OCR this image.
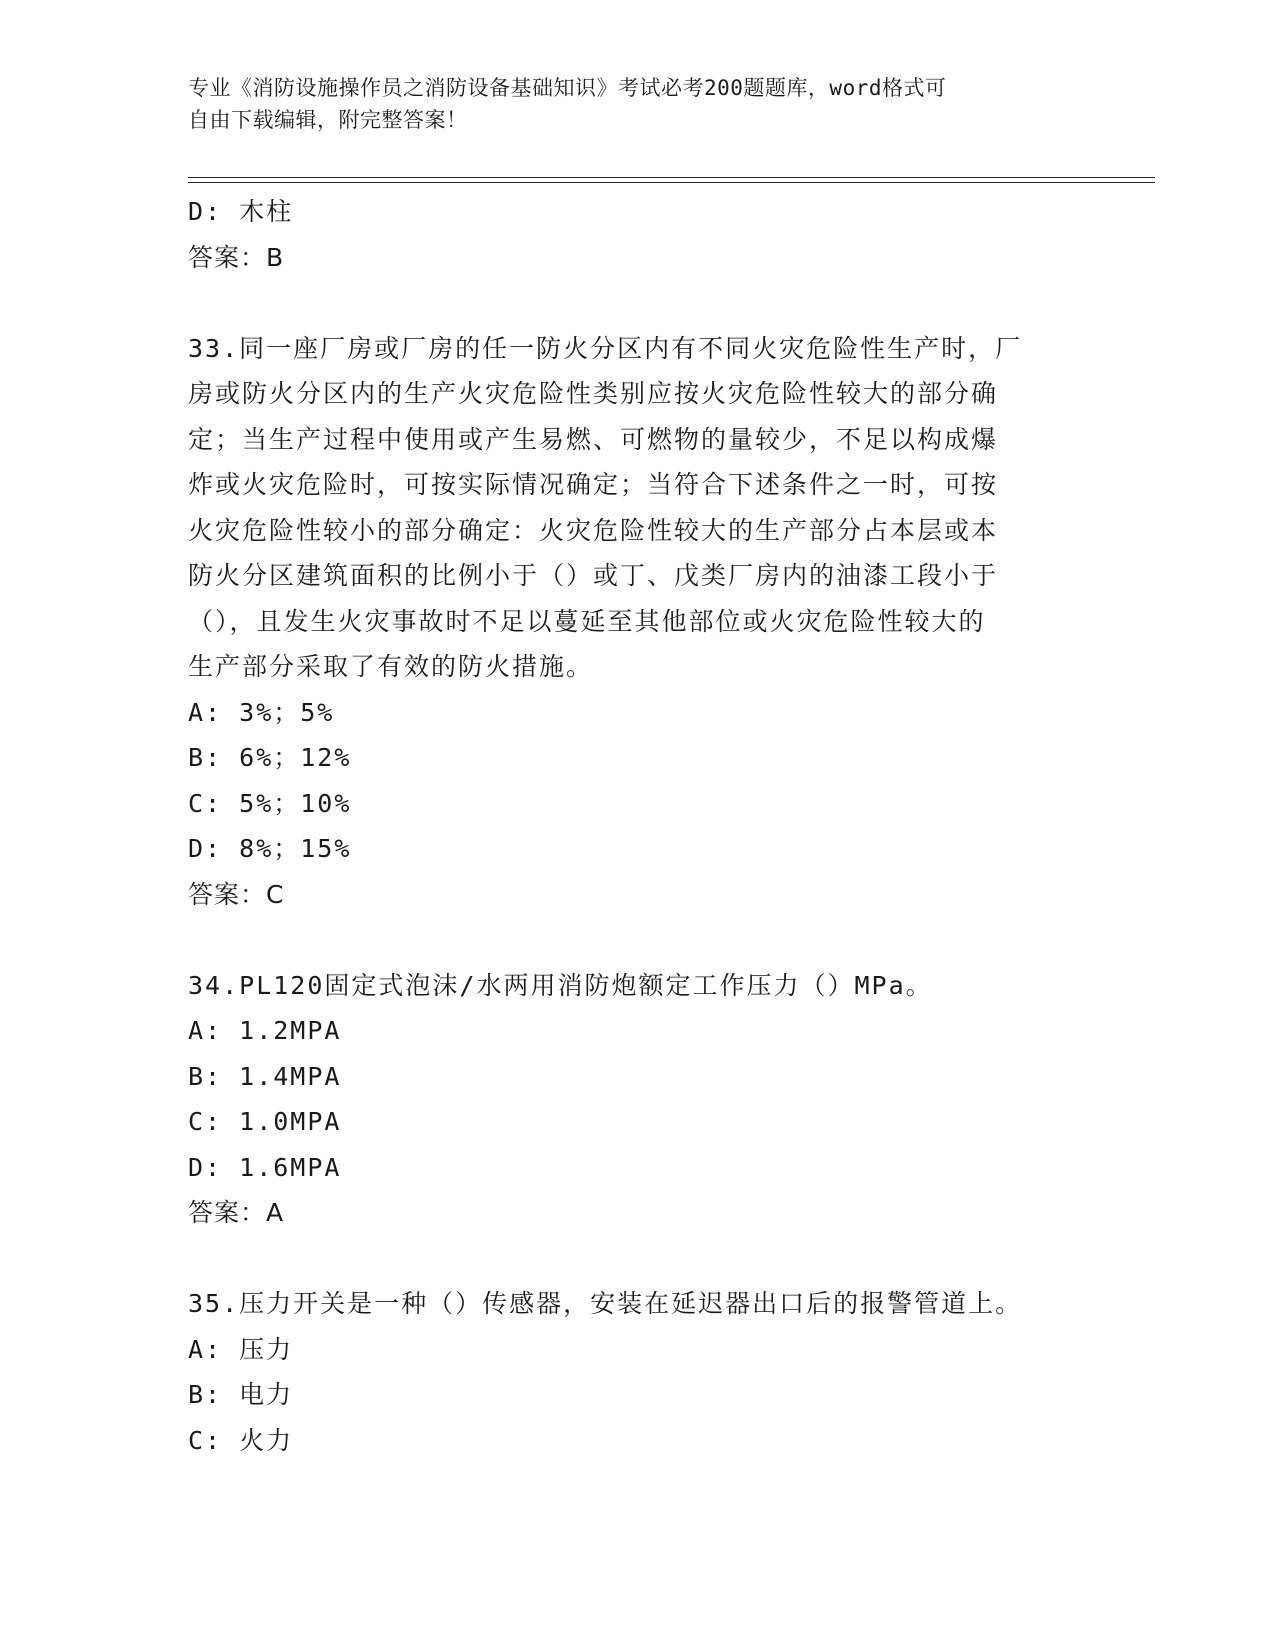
专业《消防设施操作员之消防设备基础知识》考试必考200题题库，word格式可
自由下载编辑，附完整答案！
D: 木柱
答案：B
33.同一座厂房或厂房的任一防火分区内有不同火灾危险性生产时，厂
房或防火分区内的生产火灾危险性类别应按火灾危险性较大的部分确
定；当生产过程中使用或产生易燃、可燃物的量较少，不足以构成爆
炸或火灾危险时，可按实际情况确定；当符合下述条件之一时，可按
火灾危险性较小的部分确定：火灾危险性较大的生产部分占本层或本
防火分区建筑面积的比例小于（）或丁、戊类厂房内的油漆工段小于
（），且发生火灾事故时不足以蔓延至其他部位或火灾危险性较大的
生产部分采取了有效的防火措施。
A: 3%；5%
B: 6%；12%
C: 5%；10%
D: 8%；15%
答案：C
34.PL120固定式泡沫/水两用消防炮额定工作压力（）MPa。
A: 1.2MPA
B: 1.4MPA
C: 1.0MPA
D: 1.6MPA
答案：A
35.压力开关是一种（）传感器，安装在延迟器出口后的报警管道上。
A: 压力
B: 电力
C: 火力
